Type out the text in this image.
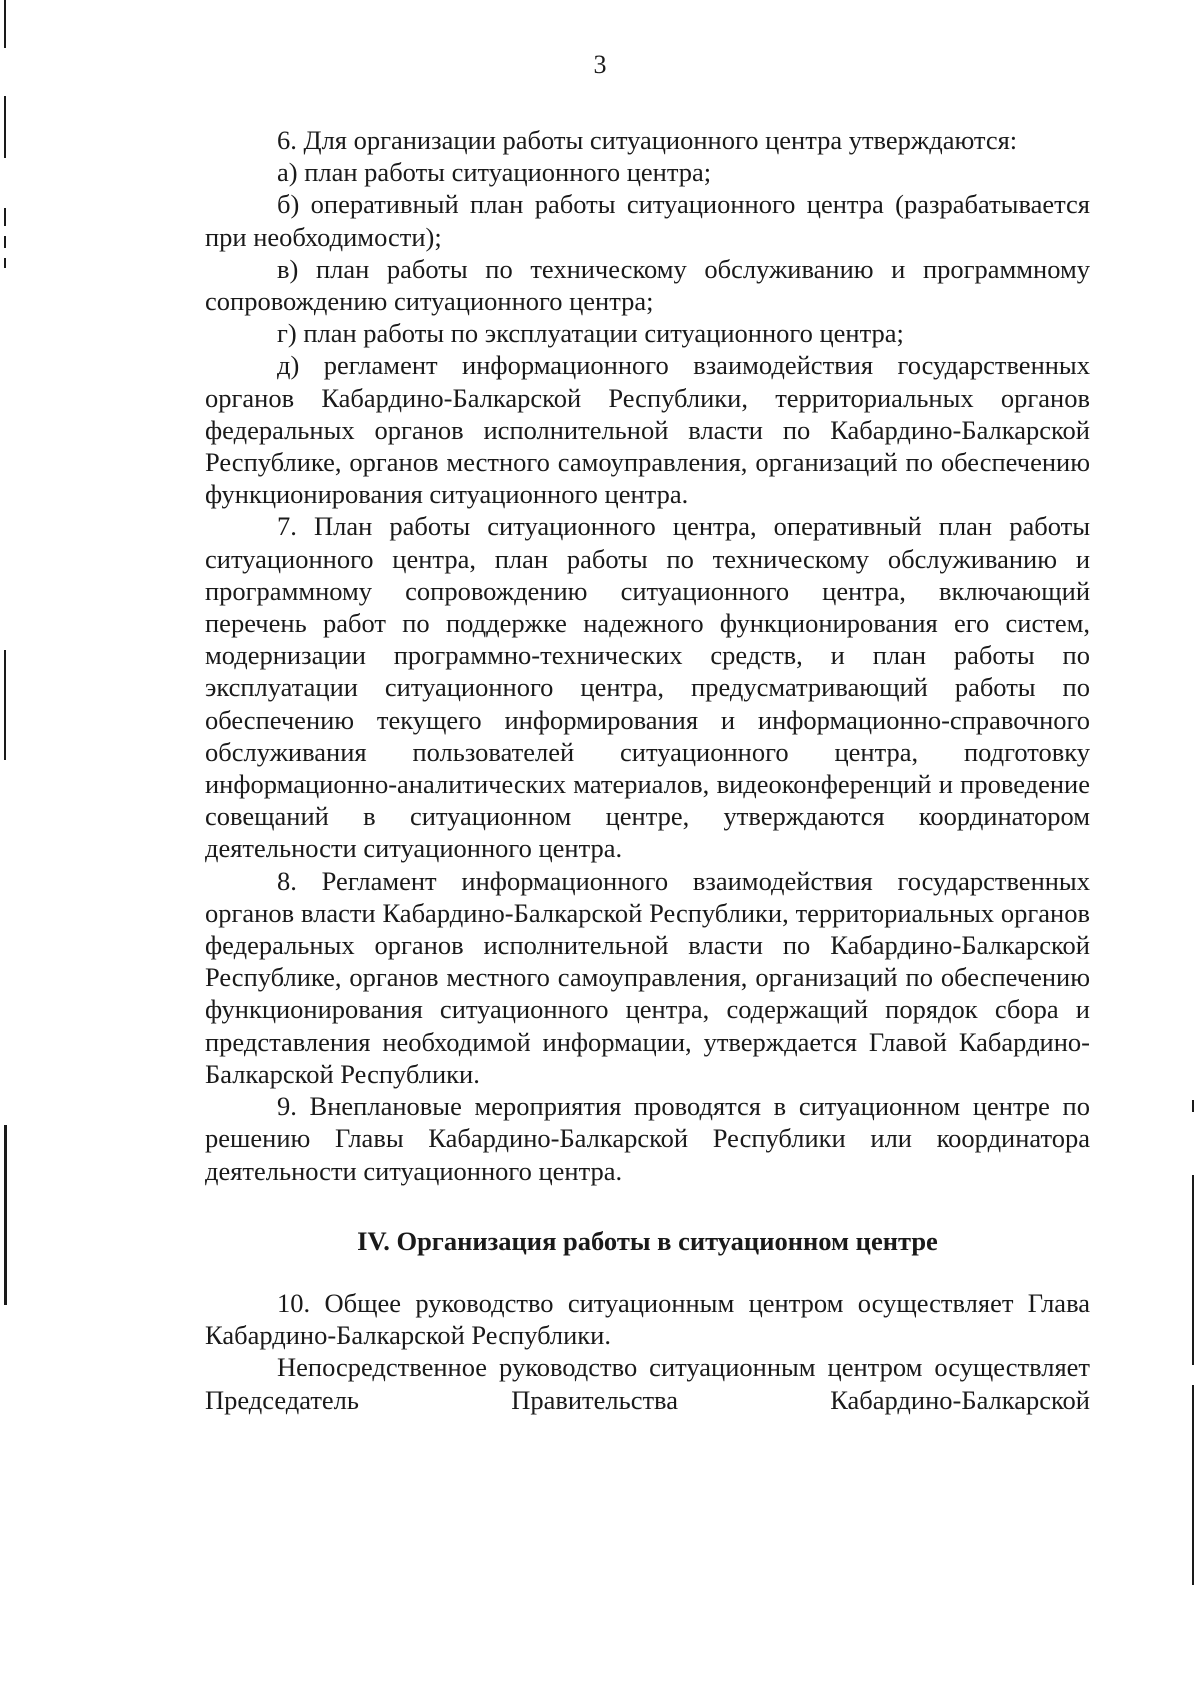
3

6. Для организации работы ситуационного центра утверждаются:

а) план работы ситуационного центра;

б) оперативный план работы ситуационного центра (разрабатывается при необходимости);

в) план работы по техническому обслуживанию и программному сопровождению ситуационного центра;

г) план работы по эксплуатации ситуационного центра;

д) регламент информационного взаимодействия государственных органов Кабардино-Балкарской Республики, территориальных органов федеральных органов исполнительной власти по Кабардино-Балкарской Республике, органов местного самоуправления, организаций по обеспечению функционирования ситуационного центра.

7. План работы ситуационного центра, оперативный план работы ситуационного центра, план работы по техническому обслуживанию и программному сопровождению ситуационного центра, включающий перечень работ по поддержке надежного функционирования его систем, модернизации программно-технических средств, и план работы по эксплуатации ситуационного центра, предусматривающий работы по обеспечению текущего информирования и информационно-справочного обслуживания пользователей ситуационного центра, подготовку информационно-аналитических материалов, видеоконференций и проведение совещаний в ситуационном центре, утверждаются координатором деятельности ситуационного центра.

8. Регламент информационного взаимодействия государственных органов власти Кабардино-Балкарской Республики, территориальных органов федеральных органов исполнительной власти по Кабардино-Балкарской Республике, органов местного самоуправления, организаций по обеспечению функционирования ситуационного центра, содержащий порядок сбора и представления необходимой информации, утверждается Главой Кабардино-Балкарской Республики.

9. Внеплановые мероприятия проводятся в ситуационном центре по решению Главы Кабардино-Балкарской Республики или координатора деятельности ситуационного центра.

IV. Организация работы в ситуационном центре

10. Общее руководство ситуационным центром осуществляет Глава Кабардино-Балкарской Республики.

Непосредственное руководство ситуационным центром осуществляет Председатель Правительства Кабардино-Балкарской
